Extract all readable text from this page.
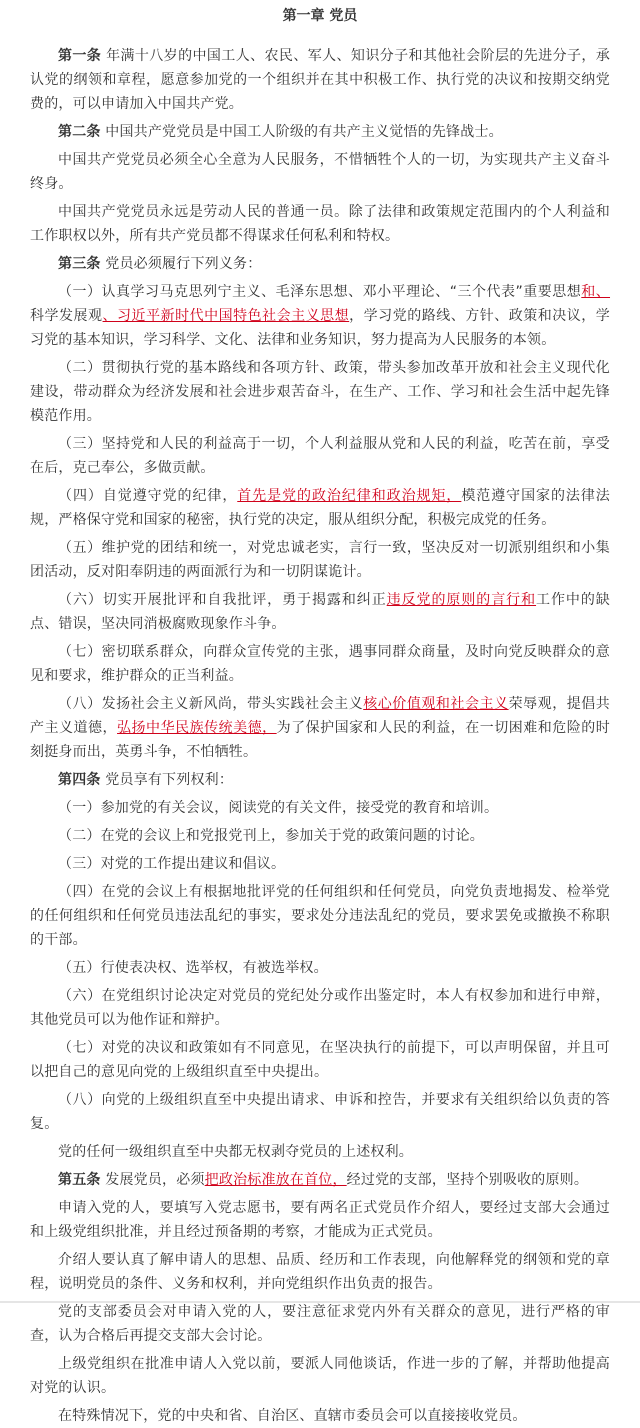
第一章 党员

第一条 年满十八岁的中国工人、农民、军人、知识分子和其他社会阶层的先进分子，承认党的纲领和章程，愿意参加党的一个组织并在其中积极工作、执行党的决议和按期交纳党费的，可以申请加入中国共产党。

第二条 中国共产党党员是中国工人阶级的有共产主义觉悟的先锋战士。

中国共产党党员必须全心全意为人民服务，不惜牺牲个人的一切，为实现共产主义奋斗终身。

中国共产党党员永远是劳动人民的普通一员。除了法律和政策规定范围内的个人利益和工作职权以外，所有共产党员都不得谋求任何私利和特权。

第三条 党员必须履行下列义务：

（一）认真学习马克思列宁主义、毛泽东思想、邓小平理论、“三个代表”重要思想和、科学发展观、习近平新时代中国特色社会主义思想，学习党的路线、方针、政策和决议，学习党的基本知识，学习科学、文化、法律和业务知识，努力提高为人民服务的本领。

（二）贯彻执行党的基本路线和各项方针、政策，带头参加改革开放和社会主义现代化建设，带动群众为经济发展和社会进步艰苦奋斗，在生产、工作、学习和社会生活中起先锋模范作用。

（三）坚持党和人民的利益高于一切，个人利益服从党和人民的利益，吃苦在前，享受在后，克己奉公，多做贡献。

（四）自觉遵守党的纪律，首先是党的政治纪律和政治规矩，模范遵守国家的法律法规，严格保守党和国家的秘密，执行党的决定，服从组织分配，积极完成党的任务。

（五）维护党的团结和统一，对党忠诚老实，言行一致，坚决反对一切派别组织和小集团活动，反对阳奉阴违的两面派行为和一切阴谋诡计。

（六）切实开展批评和自我批评，勇于揭露和纠正违反党的原则的言行和工作中的缺点、错误，坚决同消极腐败现象作斗争。

（七）密切联系群众，向群众宣传党的主张，遇事同群众商量，及时向党反映群众的意见和要求，维护群众的正当利益。

（八）发扬社会主义新风尚，带头实践社会主义核心价值观和社会主义荣辱观，提倡共产主义道德，弘扬中华民族传统美德，为了保护国家和人民的利益，在一切困难和危险的时刻挺身而出，英勇斗争，不怕牺牲。

第四条 党员享有下列权利：

（一）参加党的有关会议，阅读党的有关文件，接受党的教育和培训。

（二）在党的会议上和党报党刊上，参加关于党的政策问题的讨论。

（三）对党的工作提出建议和倡议。

（四）在党的会议上有根据地批评党的任何组织和任何党员，向党负责地揭发、检举党的任何组织和任何党员违法乱纪的事实，要求处分违法乱纪的党员，要求罢免或撤换不称职的干部。

（五）行使表决权、选举权，有被选举权。

（六）在党组织讨论决定对党员的党纪处分或作出鉴定时，本人有权参加和进行申辩，其他党员可以为他作证和辩护。

（七）对党的决议和政策如有不同意见，在坚决执行的前提下，可以声明保留，并且可以把自己的意见向党的上级组织直至中央提出。

（八）向党的上级组织直至中央提出请求、申诉和控告，并要求有关组织给以负责的答复。

党的任何一级组织直至中央都无权剥夺党员的上述权利。

第五条 发展党员，必须把政治标准放在首位，经过党的支部，坚持个别吸收的原则。

申请入党的人，要填写入党志愿书，要有两名正式党员作介绍人，要经过支部大会通过和上级党组织批准，并且经过预备期的考察，才能成为正式党员。

介绍人要认真了解申请人的思想、品质、经历和工作表现，向他解释党的纲领和党的章程，说明党员的条件、义务和权利，并向党组织作出负责的报告。

党的支部委员会对申请入党的人，要注意征求党内外有关群众的意见，进行严格的审查，认为合格后再提交支部大会讨论。

上级党组织在批准申请人入党以前，要派人同他谈话，作进一步的了解，并帮助他提高对党的认识。

在特殊情况下，党的中央和省、自治区、直辖市委员会可以直接接收党员。
